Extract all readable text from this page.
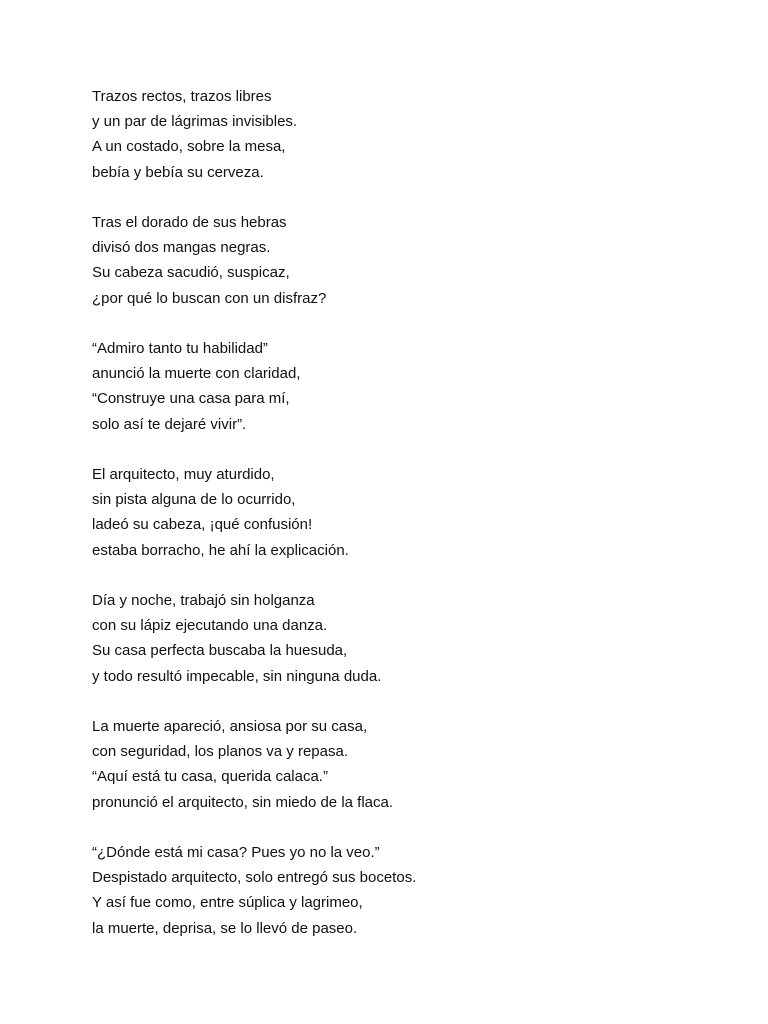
Trazos rectos, trazos libres
y un par de lágrimas invisibles.
A un costado, sobre la mesa,
bebía y bebía su cerveza.
Tras el dorado de sus hebras
divisó dos mangas negras.
Su cabeza sacudió, suspicaz,
¿por qué lo buscan con un disfraz?
“Admiro tanto tu habilidad”
anunció la muerte con claridad,
“Construye una casa para mí,
solo así te dejaré vivir”.
El arquitecto, muy aturdido,
sin pista alguna de lo ocurrido,
ladeó su cabeza, ¡qué confusión!
estaba borracho, he ahí la explicación.
Día y noche, trabajó sin holganza
con su lápiz ejecutando una danza.
Su casa perfecta buscaba la huesuda,
y todo resultó impecable, sin ninguna duda.
La muerte apareció, ansiosa por su casa,
con seguridad, los planos va y repasa.
“Aquí está tu casa, querida calaca.”
pronunció el arquitecto, sin miedo de la flaca.
“¿Dónde está mi casa? Pues yo no la veo.”
Despistado arquitecto, solo entregó sus bocetos.
Y así fue como, entre súplica y lagrimeo,
la muerte, deprisa, se lo llevó de paseo.
